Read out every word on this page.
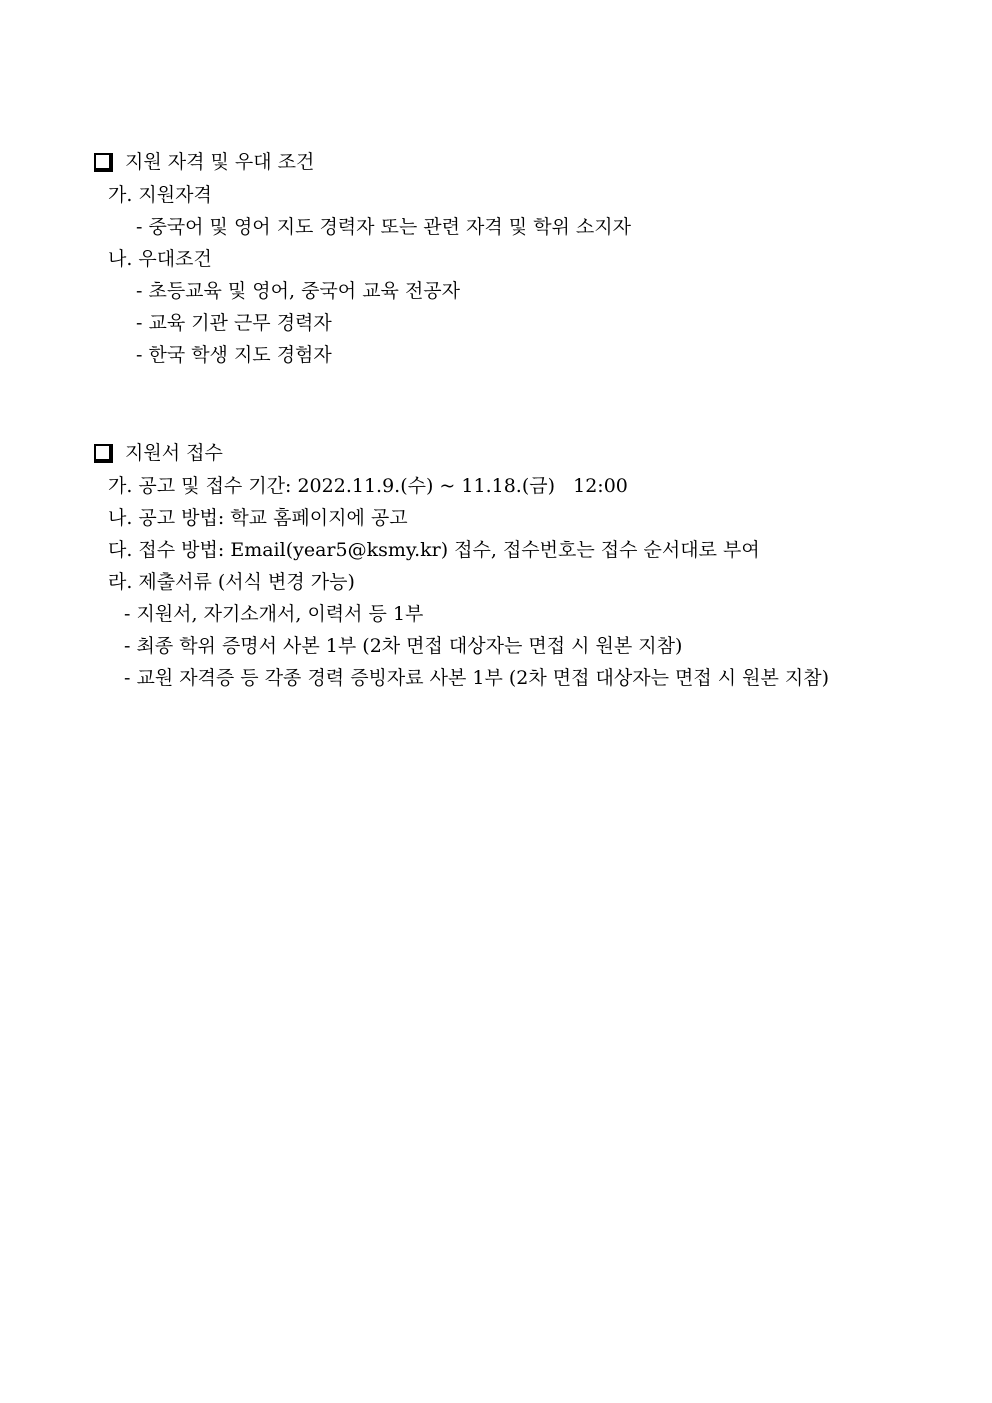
지원 자격 및 우대 조건
가. 지원자격
- 중국어 및 영어 지도 경력자 또는 관련 자격 및 학위 소지자
나. 우대조건
- 초등교육 및 영어, 중국어 교육 전공자
- 교육 기관 근무 경력자
- 한국 학생 지도 경험자
지원서 접수
가. 공고 및 접수 기간: 2022.11.9.(수) ~ 11.18.(금)   12:00
나. 공고 방법: 학교 홈페이지에 공고
다. 접수 방법: Email(year5@ksmy.kr) 접수, 접수번호는 접수 순서대로 부여
라. 제출서류 (서식 변경 가능)
- 지원서, 자기소개서, 이력서 등 1부
- 최종 학위 증명서 사본 1부 (2차 면접 대상자는 면접 시 원본 지참)
- 교원 자격증 등 각종 경력 증빙자료 사본 1부 (2차 면접 대상자는 면접 시 원본 지참)
